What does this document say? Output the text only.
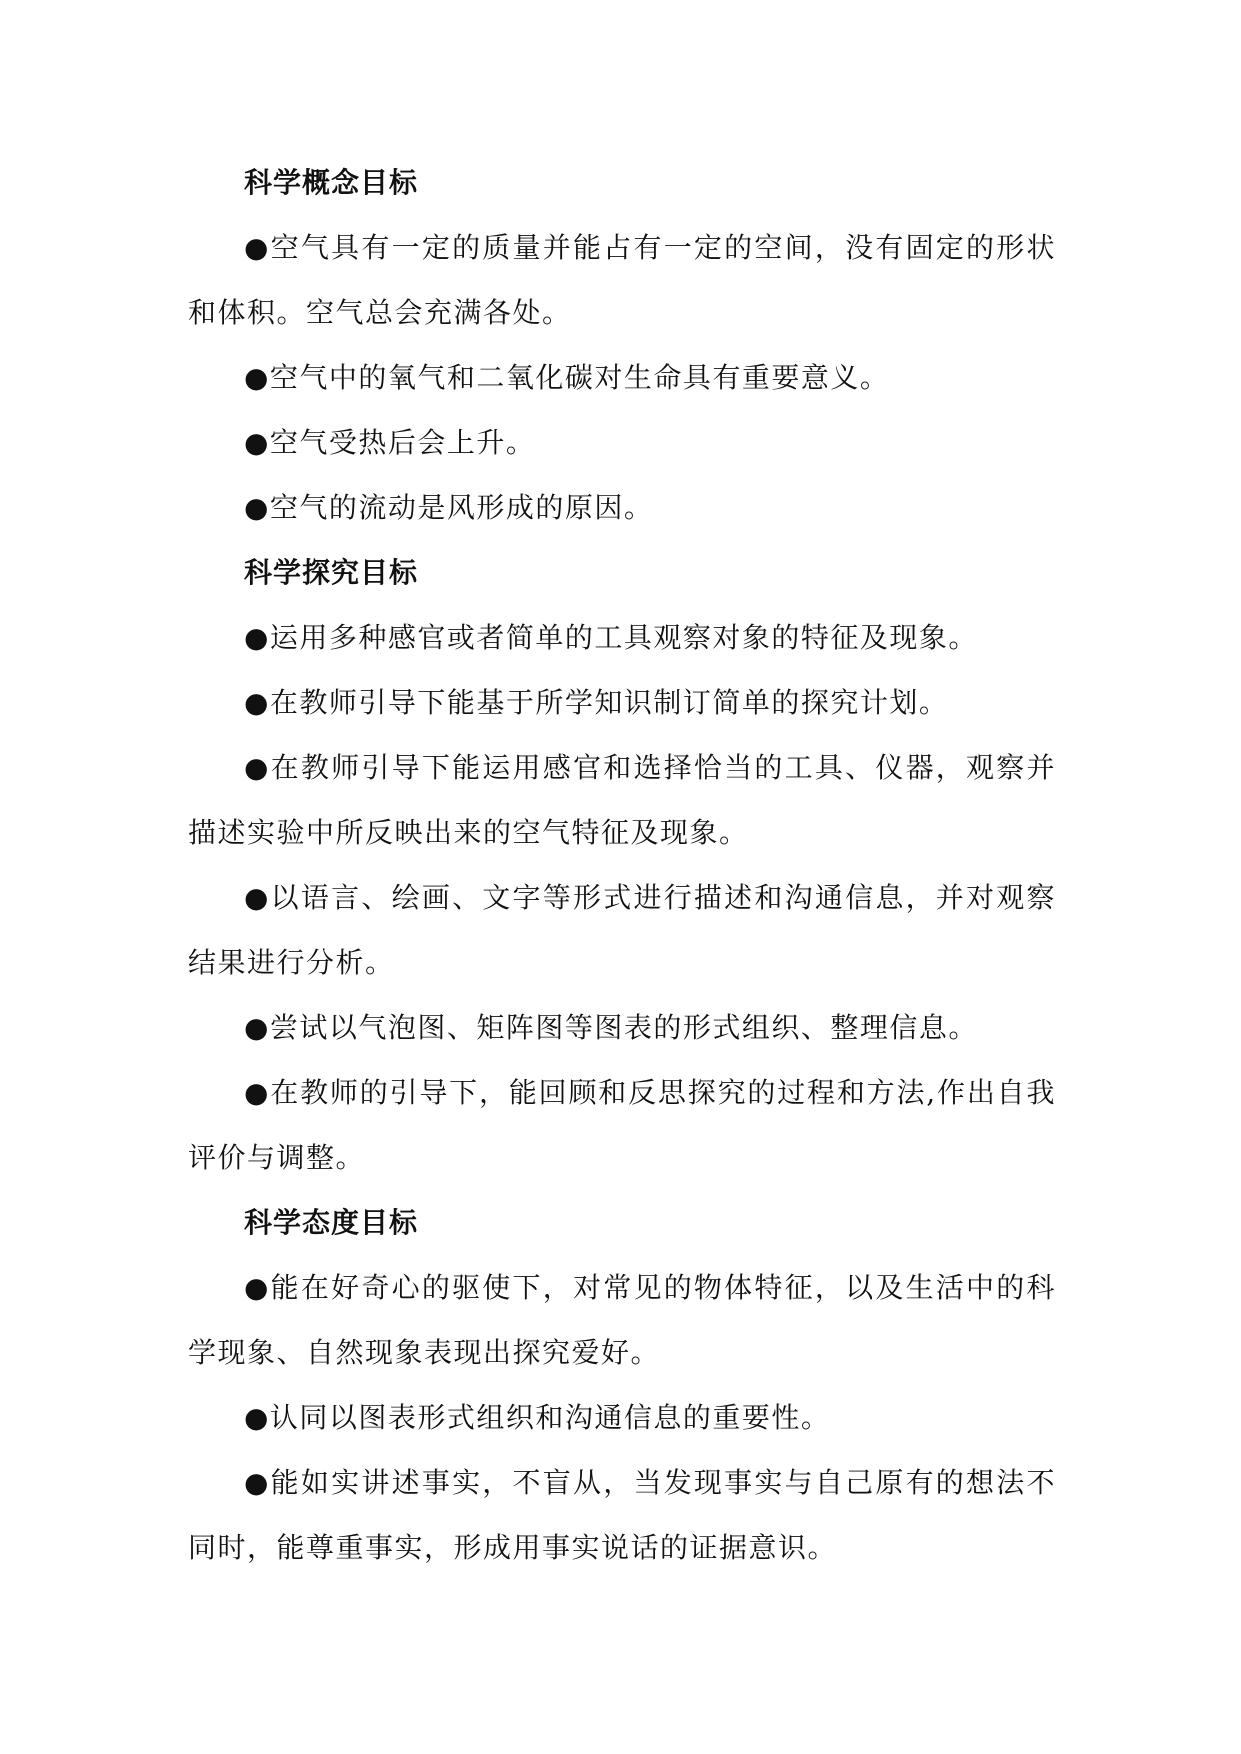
科学概念目标

●空气具有一定的质量并能占有一定的空间，没有固定的形状和体积。空气总会充满各处。

●空气中的氧气和二氧化碳对生命具有重要意义。

●空气受热后会上升。

●空气的流动是风形成的原因。

科学探究目标

●运用多种感官或者简单的工具观察对象的特征及现象。

●在教师引导下能基于所学知识制订简单的探究计划。

●在教师引导下能运用感官和选择恰当的工具、仪器，观察并描述实验中所反映出来的空气特征及现象。

●以语言、绘画、文字等形式进行描述和沟通信息，并对观察结果进行分析。

●尝试以气泡图、矩阵图等图表的形式组织、整理信息。

●在教师的引导下，能回顾和反思探究的过程和方法,作出自我评价与调整。

科学态度目标

●能在好奇心的驱使下，对常见的物体特征，以及生活中的科学现象、自然现象表现出探究爱好。

●认同以图表形式组织和沟通信息的重要性。

●能如实讲述事实，不盲从，当发现事实与自己原有的想法不同时，能尊重事实，形成用事实说话的证据意识。
